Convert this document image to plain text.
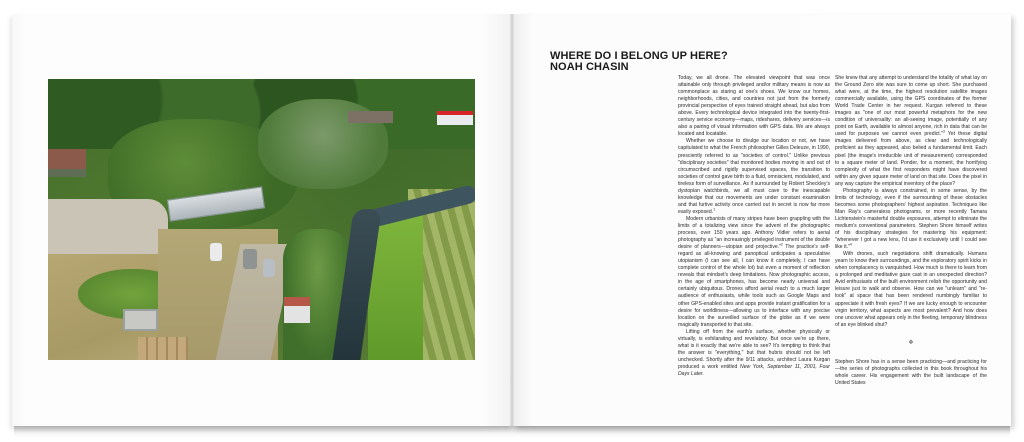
WHERE DO I BELONG UP HERE?
NOAH CHASIN

Today, we all drone. The elevated viewpoint that was once attainable only through privileged and/or military means is now as commonplace as staring at one's shoes. We know our homes, neighborhoods, cities, and countries not just from the formerly provincial perspective of eyes trained straight ahead, but also from above. Every technological device integrated into the twenty-first-century service economy—maps, rideshares, delivery services—is also a pairing of visual information with GPS data. We are always located and locatable.

Whether we choose to divulge our location or not, we have capitulated to what the French philosopher Gilles Deleuze, in 1990, presciently referred to as "societies of control." Unlike previous "disciplinary societies" that monitored bodies moving in and out of circumscribed and rigidly supervised spaces, the transition to societies of control gave birth to a fluid, omniscient, modulated, and tireless form of surveillance. As if surrounded by Robert Sheckley's dystopian watchbirds, we all must cave to the inescapable knowledge that our movements are under constant examination and that furtive activity once carried out in secret is now far more easily exposed.$^1$

Modern urbanists of many stripes have been grappling with the limits of a totalizing view since the advent of the photographic process, over 150 years ago. Anthony Vidler refers to aerial photography as "an increasingly privileged instrument of the double desire of planners—utopian and projective."$^2$ The practice's self-regard as all-knowing and panoptical anticipates a speculative utopianism (I can see all, I can know it completely, I can have complete control of the whole lot) but even a moment of reflection reveals that mindset's deep limitations. Now photographic access, in the age of smartphones, has become nearly universal and certainly ubiquitous. Drones afford aerial reach to a much larger audience of enthusiasts, while tools such as Google Maps and other GPS-enabled sites and apps provide instant gratification for a desire for worldliness—allowing us to interface with any precise location on the surveilled surface of the globe as if we were magically transported to that site.

Lifting off from the earth's surface, whether physically or virtually, is exhilarating and revelatory. But once we're up there, what is it exactly that we're able to see? It's tempting to think that the answer is "everything," but that hubris should not be left unchecked. Shortly after the 9/11 attacks, architect Laura Kurgan produced a work entitled New York, September 11, 2001, Four Days Later.

She knew that any attempt to understand the totality of what lay on the Ground Zero site was sure to come up short. She purchased what were, at the time, the highest resolution satellite images commercially available, using the GPS coordinates of the former World Trade Center in her request. Kurgan referred to these images as "one of our most powerful metaphors for the new condition of universality: an all-seeing image, potentially of any point on Earth, available to almost anyone, rich in data that can be used for purposes we cannot even predict."$^3$ Yet these digital images delivered from above, as clear and technologically proficient as they appeared, also belied a fundamental limit. Each pixel (the image's irreducible unit of measurement) corresponded to a square meter of land. Ponder, for a moment, the horrifying complexity of what the first responders might have discovered within any given square meter of land on that site. Does the pixel in any way capture the empirical inventory of the place?

Photography is always constrained, in some sense, by the limits of technology, even if the surmounting of these obstacles becomes some photographers' highest aspiration. Techniques like Man Ray's cameraless photograms, or more recently Tamara Lichtenstein's masterful double exposures, attempt to eliminate the medium's conventional parameters. Stephen Shore himself writes of his disciplinary strategies for mastering his equipment: "whenever I got a new lens, I'd use it exclusively until I could see like it."$^4$

With drones, such negotiations shift dramatically. Humans yearn to know their surroundings, and the exploratory spirit kicks in when complacency is vanquished. How much is there to learn from a prolonged and meditative gaze cast in an unexpected direction? Avid enthusiasts of the built environment relish the opportunity and leisure just to walk and observe. How can we "unlearn" and "re-look" at space that has been rendered numbingly familiar to appreciate it with fresh eyes? If we are lucky enough to encounter virgin territory, what aspects are most prevalent? And how does one uncover what appears only in the fleeting, temporary blindness of an eye blinked shut?

❖

Stephen Shore has in a sense been practicing—and practicing for—the series of photographs collected in this book throughout his whole career. His engagement with the built landscape of the United States
